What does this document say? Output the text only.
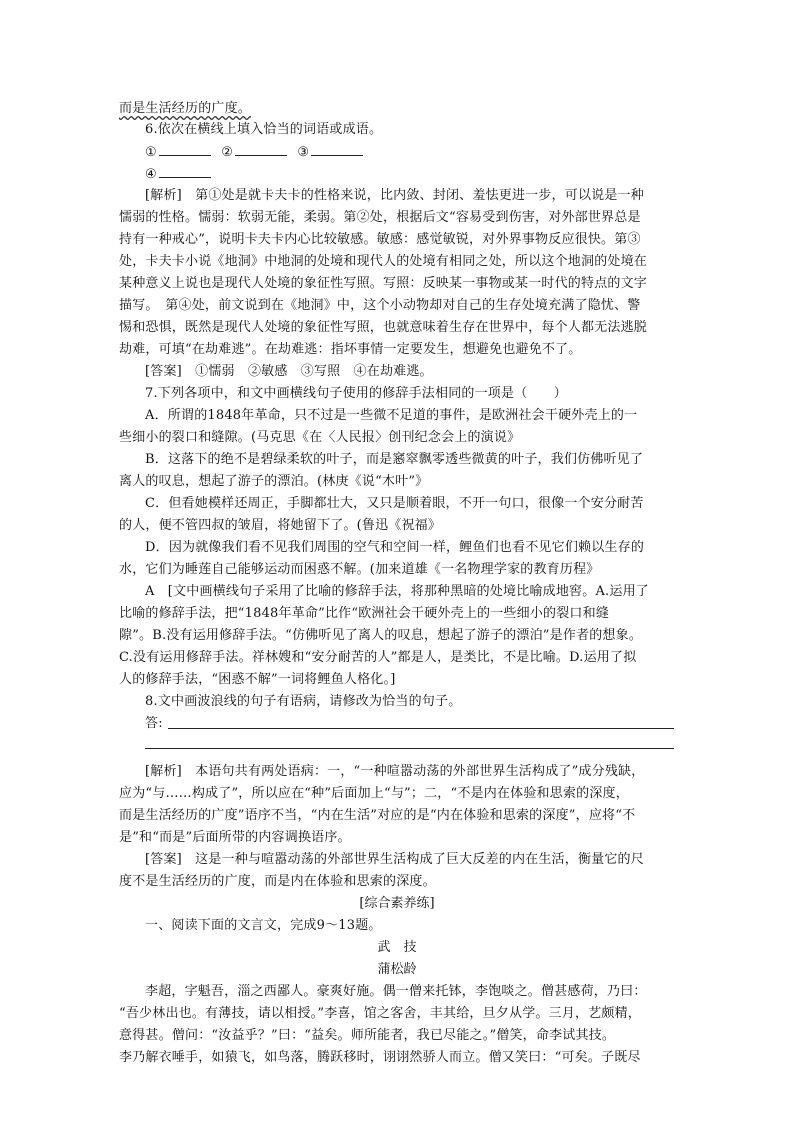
而是生活经历的广度。
6.依次在横线上填入恰当的词语或成语。
①	②	③
④
[解析]　第①处是就卡夫卡的性格来说，比内敛、封闭、羞怯更进一步，可以说是一种
懦弱的性格。懦弱：软弱无能，柔弱。第②处，根据后文“容易受到伤害，对外部世界总是
持有一种戒心”，说明卡夫卡内心比较敏感。敏感：感觉敏锐，对外界事物反应很快。第③
处，卡夫卡小说《地洞》中地洞的处境和现代人的处境有相同之处，所以这个地洞的处境在
某种意义上说也是现代人处境的象征性写照。写照：反映某一事物或某一时代的特点的文字
描写。　第④处，前文说到在《地洞》中，这个小动物却对自己的生存处境充满了隐忧、警
惕和恐惧，既然是现代人处境的象征性写照，也就意味着生存在世界中，每个人都无法逃脱
劫难，可填“在劫难逃”。在劫难逃：指坏事情一定要发生，想避免也避免不了。
[答案]　①懦弱　②敏感　③写照　④在劫难逃。
7.下列各项中，和文中画横线句子使用的修辞手法相同的一项是（　　）
A．所谓的1848年革命，只不过是一些微不足道的事件，是欧洲社会干硬外壳上的一
些细小的裂口和缝隙。(马克思《在〈人民报〉创刊纪念会上的演说》
B．这落下的绝不是碧绿柔软的叶子，而是窸窣飘零透些微黄的叶子，我们仿佛听见了
离人的叹息，想起了游子的漂泊。(林庚《说“木叶”》
C．但看她模样还周正，手脚都壮大，又只是顺着眼，不开一句口，很像一个安分耐苦
的人，便不管四叔的皱眉，将她留下了。(鲁迅《祝福》
D．因为就像我们看不见我们周围的空气和空间一样，鲤鱼们也看不见它们赖以生存的
水，它们为睡莲自己能够运动而困惑不解。(加来道雄《一名物理学家的教育历程》
A　[文中画横线句子采用了比喻的修辞手法，将那种黑暗的处境比喻成地窖。A.运用了
比喻的修辞手法，把“1848年革命”比作“欧洲社会干硬外壳上的一些细小的裂口和缝
隙”。B.没有运用修辞手法。“仿佛听见了离人的叹息，想起了游子的漂泊”是作者的想象。
C.没有运用修辞手法。祥林嫂和“安分耐苦的人”都是人，是类比，不是比喻。D.运用了拟
人的修辞手法，“困惑不解”一词将鲤鱼人格化。]
8.文中画波浪线的句子有语病，请修改为恰当的句子。
答:
[解析]　本语句共有两处语病：一，“一种喧嚣动荡的外部世界生活构成了”成分残缺，
应为“与……构成了”，所以应在“种”后面加上“与”；二，“不是内在体验和思索的深度，
而是生活经历的广度”语序不当，“内在生活”对应的是“内在体验和思索的深度”，应将“不
是”和“而是”后面所带的内容调换语序。
[答案]　这是一种与喧嚣动荡的外部世界生活构成了巨大反差的内在生活，衡量它的尺
度不是生活经历的广度，而是内在体验和思索的深度。
[综合素养练]
一、阅读下面的文言文，完成9～13题。
武　技
蒲松龄
李超，字魁吾，淄之西鄙人。豪爽好施。偶一僧来托钵，李饱啖之。僧甚感荷，乃曰：
“吾少林出也。有薄技，请以相授。”李喜，馆之客舍，丰其给，旦夕从学。三月，艺颇精，
意得甚。僧问：“汝益乎？”曰：“益矣。师所能者，我已尽能之。”僧笑，命李试其技。
李乃解衣唾手，如猿飞，如鸟落，腾跃移时，诩诩然骄人而立。僧又笑曰：“可矣。子既尽
